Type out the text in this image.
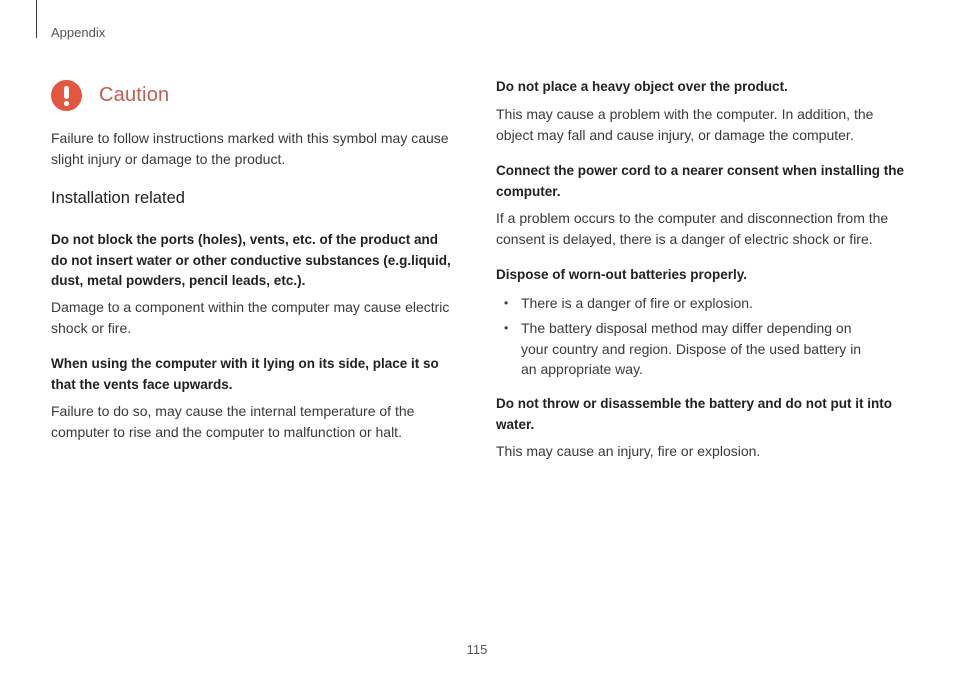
Appendix
Caution
Failure to follow instructions marked with this symbol may cause slight injury or damage to the product.
Installation related
Do not block the ports (holes), vents, etc. of the product and do not insert water or other conductive substances (e.g.liquid, dust, metal powders, pencil leads, etc.).
Damage to a component within the computer may cause electric shock or fire.
When using the computer with it lying on its side, place it so that the vents face upwards.
Failure to do so, may cause the internal temperature of the computer to rise and the computer to malfunction or halt.
Do not place a heavy object over the product.
This may cause a problem with the computer. In addition, the object may fall and cause injury, or damage the computer.
Connect the power cord to a nearer consent when installing the computer.
If a problem occurs to the computer and disconnection from the consent is delayed, there is a danger of electric shock or fire.
Dispose of worn-out batteries properly.
• There is a danger of fire or explosion.
• The battery disposal method may differ depending on your country and region. Dispose of the used battery in an appropriate way.
Do not throw or disassemble the battery and do not put it into water.
This may cause an injury, fire or explosion.
115
